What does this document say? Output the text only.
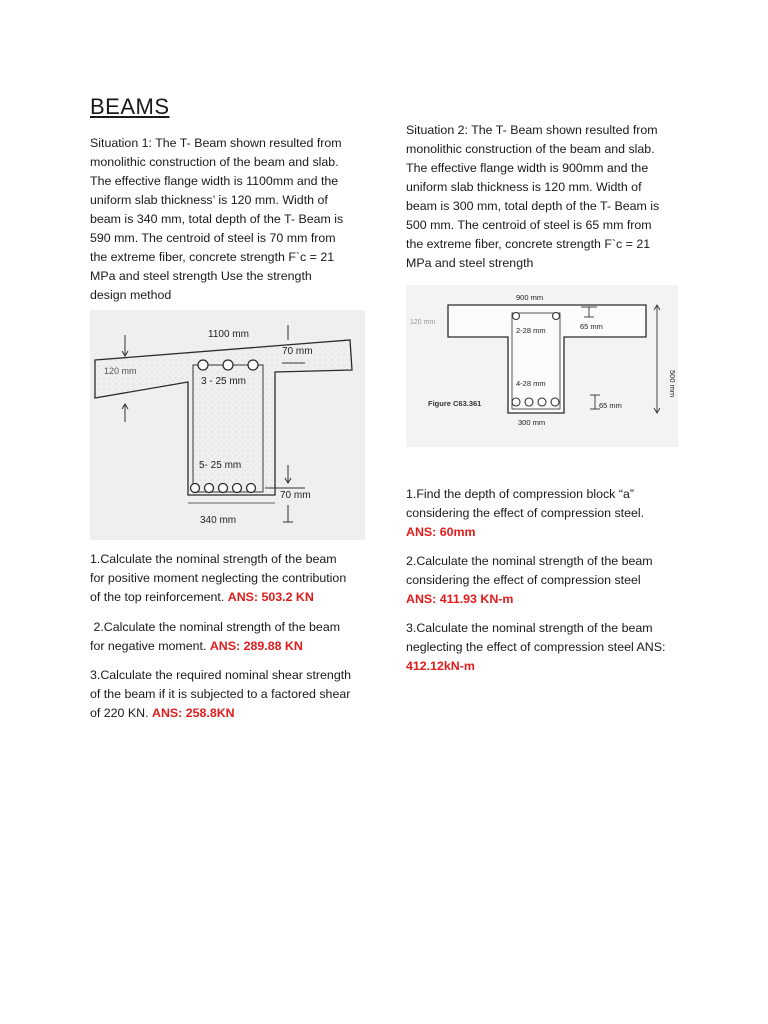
BEAMS

Situation 1: The T- Beam shown resulted from
monolithic construction of the beam and slab.
The effective flange width is 1100mm and the
uniform slab thickness’ is 120 mm. Width of
beam is 340 mm, total depth of the T- Beam is
590 mm. The centroid of steel is 70 mm from
the extreme fiber, concrete strength F`c = 21
MPa and steel strength Use the strength
design method

1100 mm
120 mm
70 mm
3 - 25 mm
5- 25 mm
70 mm
340 mm

1.Calculate the nominal strength of the beam
for positive moment neglecting the contribution
of the top reinforcement. ANS: 503.2 KN

2.Calculate the nominal strength of the beam
for negative moment. ANS: 289.88 KN

3.Calculate the required nominal shear strength
of the beam if it is subjected to a factored shear
of 220 KN. ANS: 258.8KN

Situation 2: The T- Beam shown resulted from
monolithic construction of the beam and slab.
The effective flange width is 900mm and the
uniform slab thickness is 120 mm. Width of
beam is 300 mm, total depth of the T- Beam is
500 mm. The centroid of steel is 65 mm from
the extreme fiber, concrete strength F`c = 21
MPa and steel strength

900 mm
120 mm
2-28 mm	65 mm
4-28 mm
Figure C63.361	65 mm
300 mm
500 mm

1.Find the depth of compression block “a”
considering the effect of compression steel.
ANS: 60mm

2.Calculate the nominal strength of the beam
considering the effect of compression steel
ANS: 411.93 KN-m

3.Calculate the nominal strength of the beam
neglecting the effect of compression steel ANS:
412.12kN-m
